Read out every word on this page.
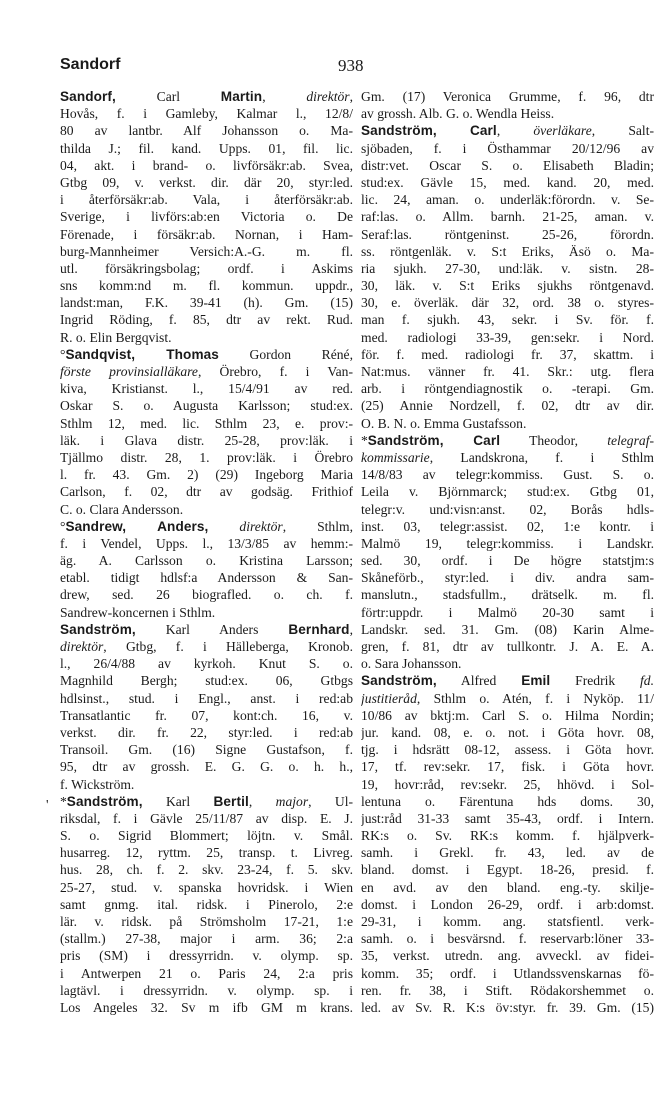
Sandorf	938
'
Sandorf, Carl Martin, direktör,
Hovås, f. i Gamleby, Kalmar l., 12/8/
80 av lantbr. Alf Johansson o. Ma-
thilda J.; fil. kand. Upps. 01, fil. lic.
04, akt. i brand- o. livförsäkr:ab. Svea,
Gtbg 09, v. verkst. dir. där 20, styr:led.
i återförsäkr:ab. Vala, i återförsäkr:ab.
Sverige, i livförs:ab:en Victoria o. De
Förenade, i försäkr:ab. Nornan, i Ham-
burg-Mannheimer Versich:A.-G. m. fl.
utl. försäkringsbolag; ordf. i Askims
sns komm:nd m. fl. kommun. uppdr.,
landst:man, F.K. 39-41 (h). Gm. (15)
Ingrid Röding, f. 85, dtr av rekt. Rud.
R. o. Elin Bergqvist.
°Sandqvist, Thomas Gordon Réné,
förste provinsialläkare, Örebro, f. i Van-
kiva, Kristianst. l., 15/4/91 av red.
Oskar S. o. Augusta Karlsson; stud:ex.
Sthlm 12, med. lic. Sthlm 23, e. prov:-
läk. i Glava distr. 25-28, prov:läk. i
Tjällmo distr. 28, 1. prov:läk. i Örebro
l. fr. 43. Gm. 2) (29) Ingeborg Maria
Carlson, f. 02, dtr av godsäg. Frithiof
C. o. Clara Andersson.
°Sandrew, Anders, direktör, Sthlm,
f. i Vendel, Upps. l., 13/3/85 av hemm:-
äg. A. Carlsson o. Kristina Larsson;
etabl. tidigt hdlsf:a Andersson & San-
drew, sed. 26 biografled. o. ch. f.
Sandrew-koncernen i Sthlm.
Sandström, Karl Anders Bernhard,
direktör, Gtbg, f. i Hälleberga, Kronob.
l., 26/4/88 av kyrkoh. Knut S. o.
Magnhild Bergh; stud:ex. 06, Gtbgs
hdlsinst., stud. i Engl., anst. i red:ab
Transatlantic fr. 07, kont:ch. 16, v.
verkst. dir. fr. 22, styr:led. i red:ab
Transoil. Gm. (16) Signe Gustafson, f.
95, dtr av grossh. E. G. G. o. h. h.,
f. Wickström.
*Sandström, Karl Bertil, major, Ul-
riksdal, f. i Gävle 25/11/87 av disp. E. J.
S. o. Sigrid Blommert; löjtn. v. Smål.
husarreg. 12, ryttm. 25, transp. t. Livreg.
hus. 28, ch. f. 2. skv. 23-24, f. 5. skv.
25-27, stud. v. spanska hovridsk. i Wien
samt gnmg. ital. ridsk. i Pinerolo, 2:e
lär. v. ridsk. på Strömsholm 17-21, 1:e
(stallm.) 27-38, major i arm. 36; 2:a
pris (SM) i dressyrridn. v. olymp. sp.
i Antwerpen 21 o. Paris 24, 2:a pris
lagtävl. i dressyrridn. v. olymp. sp. i
Los Angeles 32. Sv m ifb GM m krans.
Gm. (17) Veronica Grumme, f. 96, dtr
av grossh. Alb. G. o. Wendla Heiss.
Sandström, Carl, överläkare, Salt-
sjöbaden, f. i Östhammar 20/12/96 av
distr:vet. Oscar S. o. Elisabeth Bladin;
stud:ex. Gävle 15, med. kand. 20, med.
lic. 24, aman. o. underläk:förordn. v. Se-
raf:las. o. Allm. barnh. 21-25, aman. v.
Seraf:las. röntgeninst. 25-26, förordn.
ss. röntgenläk. v. S:t Eriks, Äsö o. Ma-
ria sjukh. 27-30, und:läk. v. sistn. 28-
30, läk. v. S:t Eriks sjukhs röntgenavd.
30, e. överläk. där 32, ord. 38 o. styres-
man f. sjukh. 43, sekr. i Sv. för. f.
med. radiologi 33-39, gen:sekr. i Nord.
för. f. med. radiologi fr. 37, skattm. i
Nat:mus. vänner fr. 41. Skr.: utg. flera
arb. i röntgendiagnostik o. -terapi. Gm.
(25) Annie Nordzell, f. 02, dtr av dir.
O. B. N. o. Emma Gustafsson.
*Sandström, Carl Theodor, telegraf-
kommissarie, Landskrona, f. i Sthlm
14/8/83 av telegr:kommiss. Gust. S. o.
Leila v. Björnmarck; stud:ex. Gtbg 01,
telegr:v. und:visn:anst. 02, Borås hdls-
inst. 03, telegr:assist. 02, 1:e kontr. i
Malmö 19, telegr:kommiss. i Landskr.
sed. 30, ordf. i De högre statstjm:s
Skåneförb., styr:led. i div. andra sam-
manslutn., stadsfullm., drätselk. m. fl.
förtr:uppdr. i Malmö 20-30 samt i
Landskr. sed. 31. Gm. (08) Karin Alme-
gren, f. 81, dtr av tullkontr. J. A. E. A.
o. Sara Johansson.
Sandström, Alfred Emil Fredrik fd.
justitieråd, Sthlm o. Atén, f. i Nyköp. 11/
10/86 av bktj:m. Carl S. o. Hilma Nordin;
jur. kand. 08, e. o. not. i Göta hovr. 08,
tjg. i hdsrätt 08-12, assess. i Göta hovr.
17, tf. rev:sekr. 17, fisk. i Göta hovr.
19, hovr:råd, rev:sekr. 25, hhövd. i Sol-
lentuna o. Färentuna hds doms. 30,
just:råd 31-33 samt 35-43, ordf. i Intern.
RK:s o. Sv. RK:s komm. f. hjälpverk-
samh. i Grekl. fr. 43, led. av de
bland. domst. i Egypt. 18-26, presid. f.
en avd. av den bland. eng.-ty. skilje-
domst. i London 26-29, ordf. i arb:domst.
29-31, i komm. ang. statsfientl. verk-
samh. o. i besvärsnd. f. reservarb:löner 33-
35, verkst. utredn. ang. avveckl. av fidei-
komm. 35; ordf. i Utlandssvenskarnas fö-
ren. fr. 38, i Stift. Rödakorshemmet o.
led. av Sv. R. K:s öv:styr. fr. 39. Gm. (15)
